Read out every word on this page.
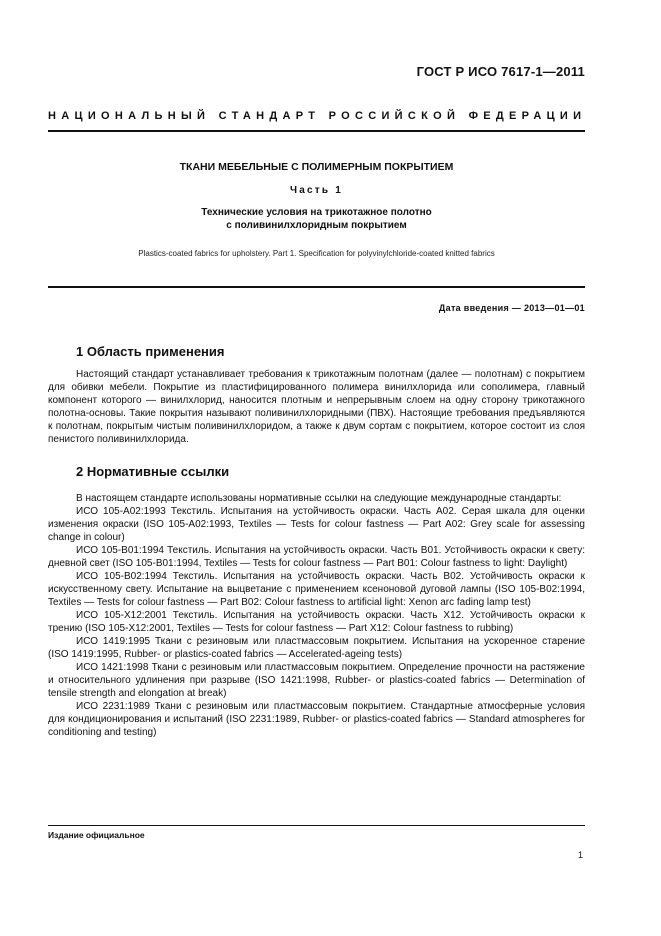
ГОСТ Р ИСО 7617-1—2011
НАЦИОНАЛЬНЫЙ СТАНДАРТ РОССИЙСКОЙ ФЕДЕРАЦИИ
ТКАНИ МЕБЕЛЬНЫЕ С ПОЛИМЕРНЫМ ПОКРЫТИЕМ
Часть 1
Технические условия на трикотажное полотно
с поливинилхлоридным покрытием
Plastics-coated fabrics for upholstery. Part 1. Specification for polyvinylchloride-coated knitted fabrics
Дата введения — 2013—01—01
1 Область применения

Настоящий стандарт устанавливает требования к трикотажным полотнам (далее — полотнам) с покрытием для обивки мебели. Покрытие из пластифицированного полимера винилхлорида или сополимера, главный компонент которого — винилхлорид, наносится плотным и непрерывным слоем на одну сторону трикотажного полотна-основы. Такие покрытия называют поливинилхлоридными (ПВХ). Настоящие требования предъявляются к полотнам, покрытым чистым поливинилхлоридом, а также к двум сортам с покрытием, которое состоит из слоя пенистого поливинилхлорида.

2 Нормативные ссылки

В настоящем стандарте использованы нормативные ссылки на следующие международные стандарты:

ИСО 105-A02:1993 Текстиль. Испытания на устойчивость окраски. Часть А02. Серая шкала для оценки изменения окраски (ISO 105-A02:1993, Textiles — Tests for colour fastness — Part A02: Grey scale for assessing change in colour)

ИСО 105-B01:1994 Текстиль. Испытания на устойчивость окраски. Часть В01. Устойчивость окраски к свету: дневной свет (ISO 105-B01:1994, Textiles — Tests for colour fastness — Part B01: Colour fastness to light: Daylight)

ИСО 105-B02:1994 Текстиль. Испытания на устойчивость окраски. Часть В02. Устойчивость окраски к искусственному свету. Испытание на выцветание с применением ксеноновой дуговой лампы (ISO 105-B02:1994, Textiles — Tests for colour fastness — Part B02: Colour fastness to artificial light: Xenon arc fading lamp test)

ИСО 105-X12:2001 Текстиль. Испытания на устойчивость окраски. Часть Х12. Устойчивость окраски к трению (ISO 105-X12:2001, Textiles — Tests for colour fastness — Part X12: Colour fastness to rubbing)

ИСО 1419:1995 Ткани с резиновым или пластмассовым покрытием. Испытания на ускоренное старение (ISO 1419:1995, Rubber- or plastics-coated fabrics — Accelerated-ageing tests)

ИСО 1421:1998 Ткани с резиновым или пластмассовым покрытием. Определение прочности на растяжение и относительного удлинения при разрыве (ISO 1421:1998, Rubber- or plastics-coated fabrics — Determination of tensile strength and elongation at break)

ИСО 2231:1989 Ткани с резиновым или пластмассовым покрытием. Стандартные атмосферные условия для кондиционирования и испытаний (ISO 2231:1989, Rubber- or plastics-coated fabrics — Standard atmospheres for conditioning and testing)

Издание официальное
1
